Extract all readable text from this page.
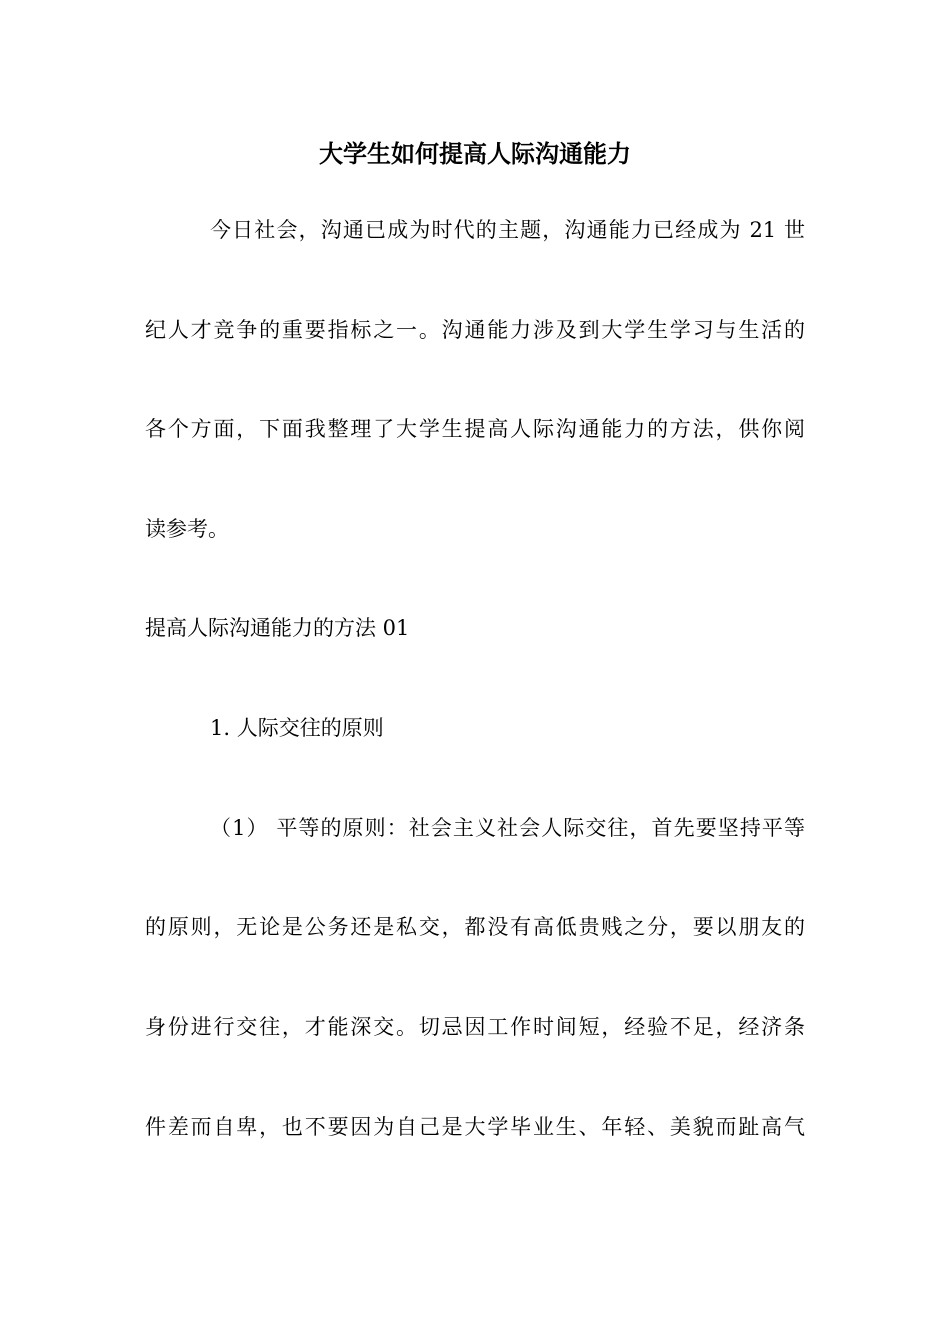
大学生如何提高人际沟通能力

今日社会，沟通已成为时代的主题，沟通能力已经成为 21 世

纪人才竞争的重要指标之一。沟通能力涉及到大学生学习与生活的

各个方面，下面我整理了大学生提高人际沟通能力的方法，供你阅

读参考。

提高人际沟通能力的方法 01

1. 人际交往的原则

（1） 平等的原则：社会主义社会人际交往，首先要坚持平等

的原则，无论是公务还是私交，都没有高低贵贱之分，要以朋友的

身份进行交往，才能深交。切忌因工作时间短，经验不足，经济条

件差而自卑，也不要因为自己是大学毕业生、年轻、美貌而趾高气
